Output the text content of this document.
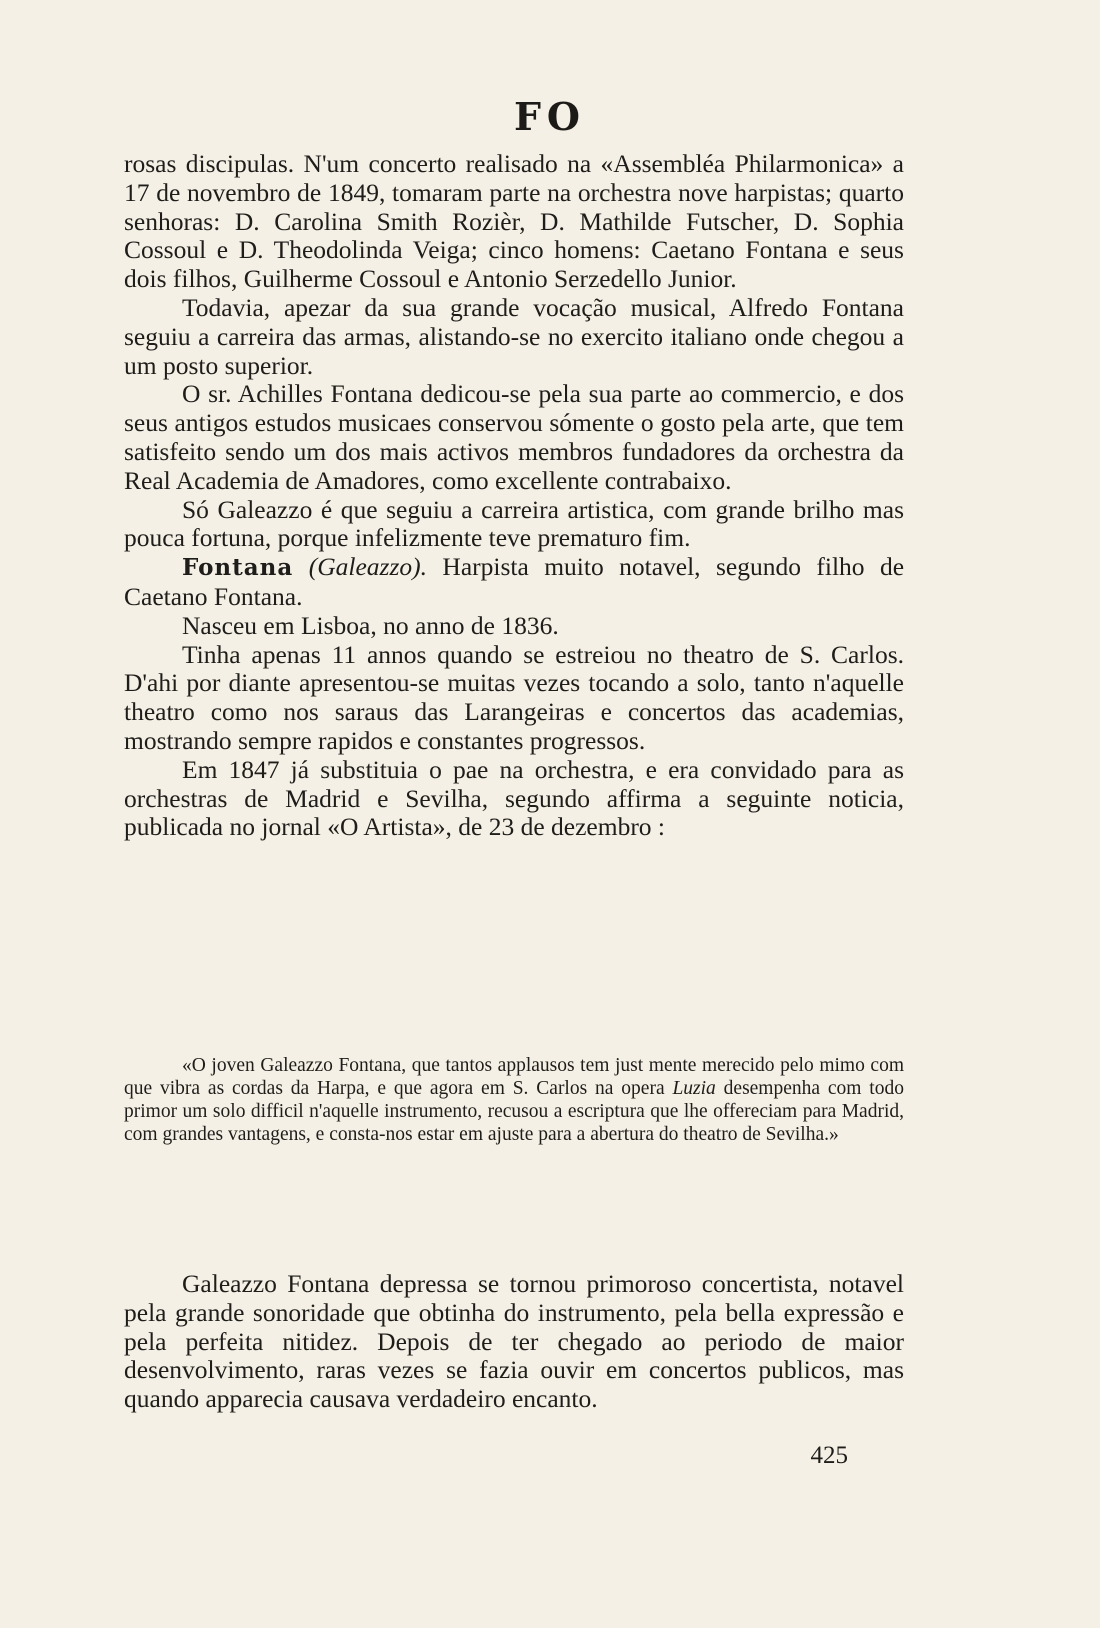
FO

rosas discipulas. N'um concerto realisado na «Assembléa Philarmonica» a 17 de novembro de 1849, tomaram parte na orchestra nove harpistas; quarto senhoras: D. Carolina Smith Rozièr, D. Mathilde Futscher, D. Sophia Cossoul e D. Theodolinda Veiga; cinco homens: Caetano Fontana e seus dois filhos, Guilherme Cossoul e Antonio Serzedello Junior.

Todavia, apezar da sua grande vocação musical, Alfredo Fontana seguiu a carreira das armas, alistando-se no exercito italiano onde chegou a um posto superior.

O sr. Achilles Fontana dedicou-se pela sua parte ao commercio, e dos seus antigos estudos musicaes conservou sómente o gosto pela arte, que tem satisfeito sendo um dos mais activos membros fundadores da orchestra da Real Academia de Amadores, como excellente contrabaixo.

Só Galeazzo é que seguiu a carreira artistica, com grande brilho mas pouca fortuna, porque infelizmente teve prematuro fim.

Fontana (Galeazzo). Harpista muito notavel, segundo filho de Caetano Fontana.

Nasceu em Lisboa, no anno de 1836.

Tinha apenas 11 annos quando se estreiou no theatro de S. Carlos. D'ahi por diante apresentou-se muitas vezes tocando a solo, tanto n'aquelle theatro como nos saraus das Larangeiras e concertos das academias, mostrando sempre rapidos e constantes progressos.

Em 1847 já substituia o pae na orchestra, e era convidado para as orchestras de Madrid e Sevilha, segundo affirma a seguinte noticia, publicada no jornal «O Artista», de 23 de dezembro :

«O joven Galeazzo Fontana, que tantos applausos tem just mente merecido pelo mimo com que vibra as cordas da Harpa, e que agora em S. Carlos na opera Luzia desempenha com todo primor um solo difficil n'aquelle instrumento, recusou a escriptura que lhe offereciam para Madrid, com grandes vantagens, e consta-nos estar em ajuste para a abertura do theatro de Sevilha.»

Galeazzo Fontana depressa se tornou primoroso concertista, notavel pela grande sonoridade que obtinha do instrumento, pela bella expressão e pela perfeita nitidez. Depois de ter chegado ao periodo de maior desenvolvimento, raras vezes se fazia ouvir em concertos publicos, mas quando apparecia causava verdadeiro encanto.

425
